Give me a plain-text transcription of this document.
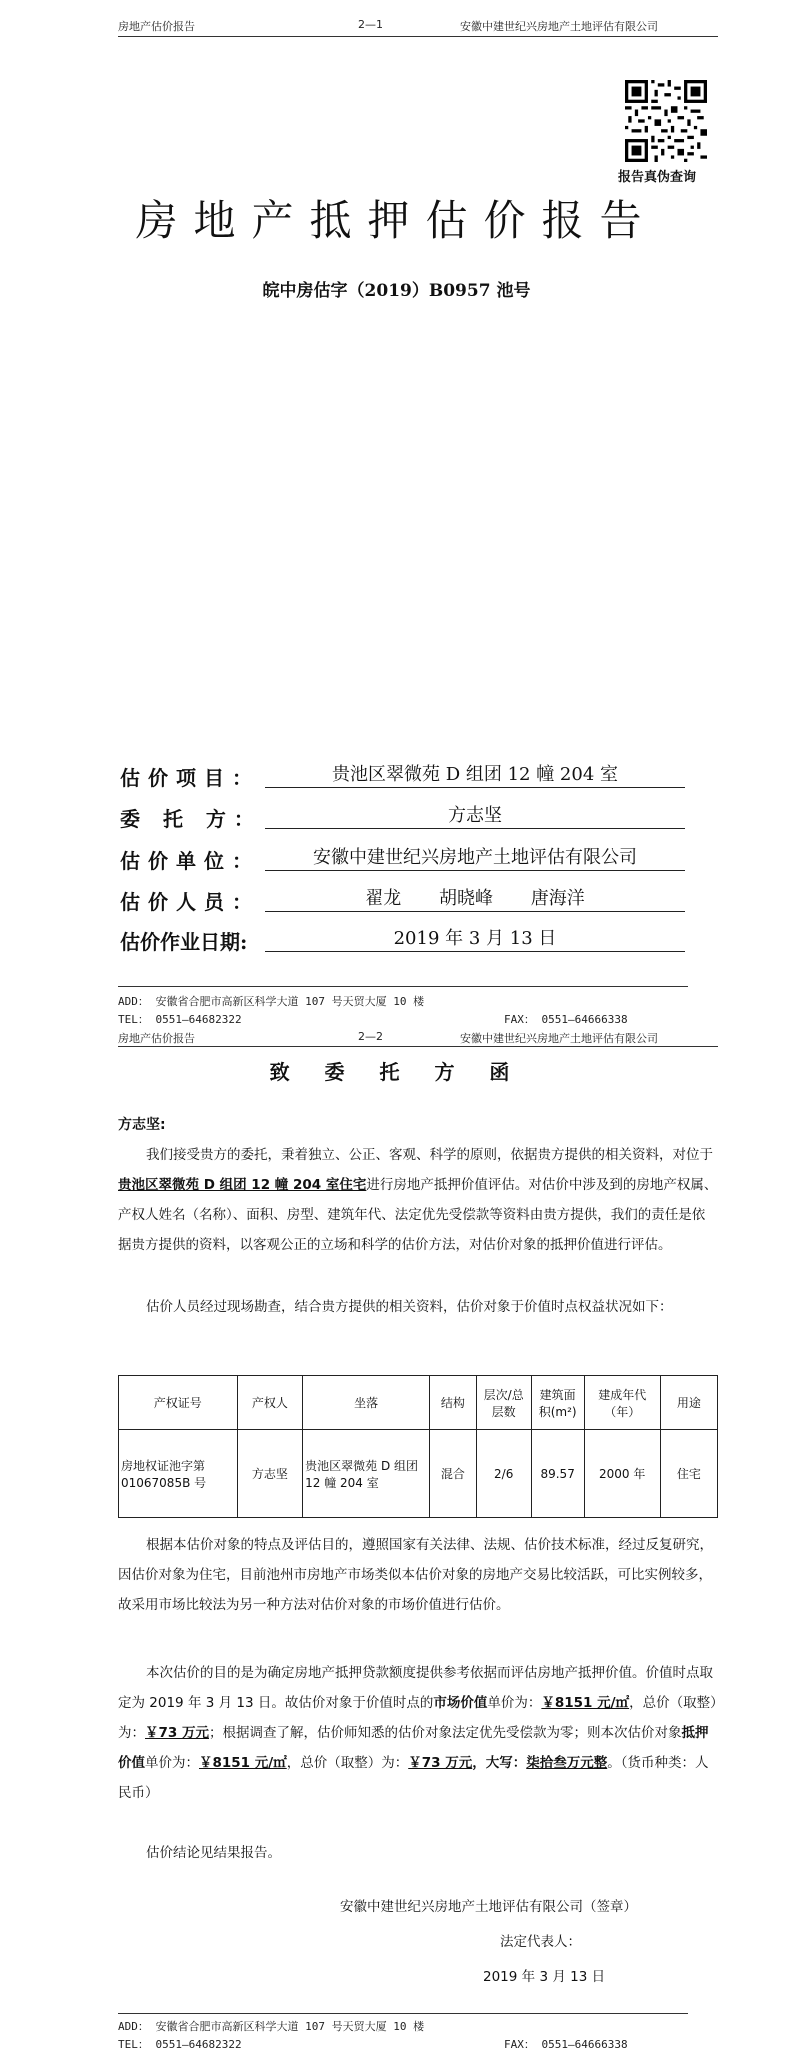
房地产估价报告	2—1	安徽中建世纪兴房地产土地评估有限公司
报告真伪查询
房地产抵押估价报告
皖中房估字（2019）B0957 池号
估价项目：	贵池区翠微苑 D 组团 12 幢 204 室
委 托 方：	方志坚
估价单位：	安徽中建世纪兴房地产土地评估有限公司
估价人员：	翟龙 胡晓峰 唐海洋
估价作业日期:	2019 年 3 月 13 日
ADD： 安徽省合肥市高新区科学大道 107 号天贸大厦 10 楼
TEL： 0551—64682322	FAX： 0551—64666338
房地产估价报告	2—2	安徽中建世纪兴房地产土地评估有限公司
致 委 托 方 函
方志坚:
我们接受贵方的委托，秉着独立、公正、客观、科学的原则，依据贵方提供的相关资料，对位于贵池区翠微苑 D 组团 12 幢 204 室住宅进行房地产抵押价值评估。对估价中涉及到的房地产权属、产权人姓名（名称）、面积、房型、建筑年代、法定优先受偿款等资料由贵方提供，我们的责任是依据贵方提供的资料，以客观公正的立场和科学的估价方法，对估价对象的抵押价值进行评估。
估价人员经过现场勘查，结合贵方提供的相关资料，估价对象于价值时点权益状况如下：
产权证号	产权人	坐落	结构	层次/总层数	建筑面积(m²)	建成年代（年）	用途
房地权证池字第 01067085B 号	方志坚	贵池区翠微苑 D 组团 12 幢 204 室	混合	2/6	89.57	2000 年	住宅
根据本估价对象的特点及评估目的，遵照国家有关法律、法规、估价技术标准，经过反复研究，因估价对象为住宅，目前池州市房地产市场类似本估价对象的房地产交易比较活跃，可比实例较多，故采用市场比较法为另一种方法对估价对象的市场价值进行估价。
本次估价的目的是为确定房地产抵押贷款额度提供参考依据而评估房地产抵押价值。价值时点取定为 2019 年 3 月 13 日。故估价对象于价值时点的市场价值单价为：￥8151 元/㎡，总价（取整）为：￥73 万元；根据调查了解，估价师知悉的估价对象法定优先受偿款为零；则本次估价对象抵押价值单价为：￥8151 元/㎡，总价（取整）为：￥73 万元，大写：柒拾叁万元整。（货币种类：人民币）
估价结论见结果报告。
安徽中建世纪兴房地产土地评估有限公司（签章）
法定代表人：
2019 年 3 月 13 日
ADD： 安徽省合肥市高新区科学大道 107 号天贸大厦 10 楼
TEL： 0551—64682322	FAX： 0551—64666338
